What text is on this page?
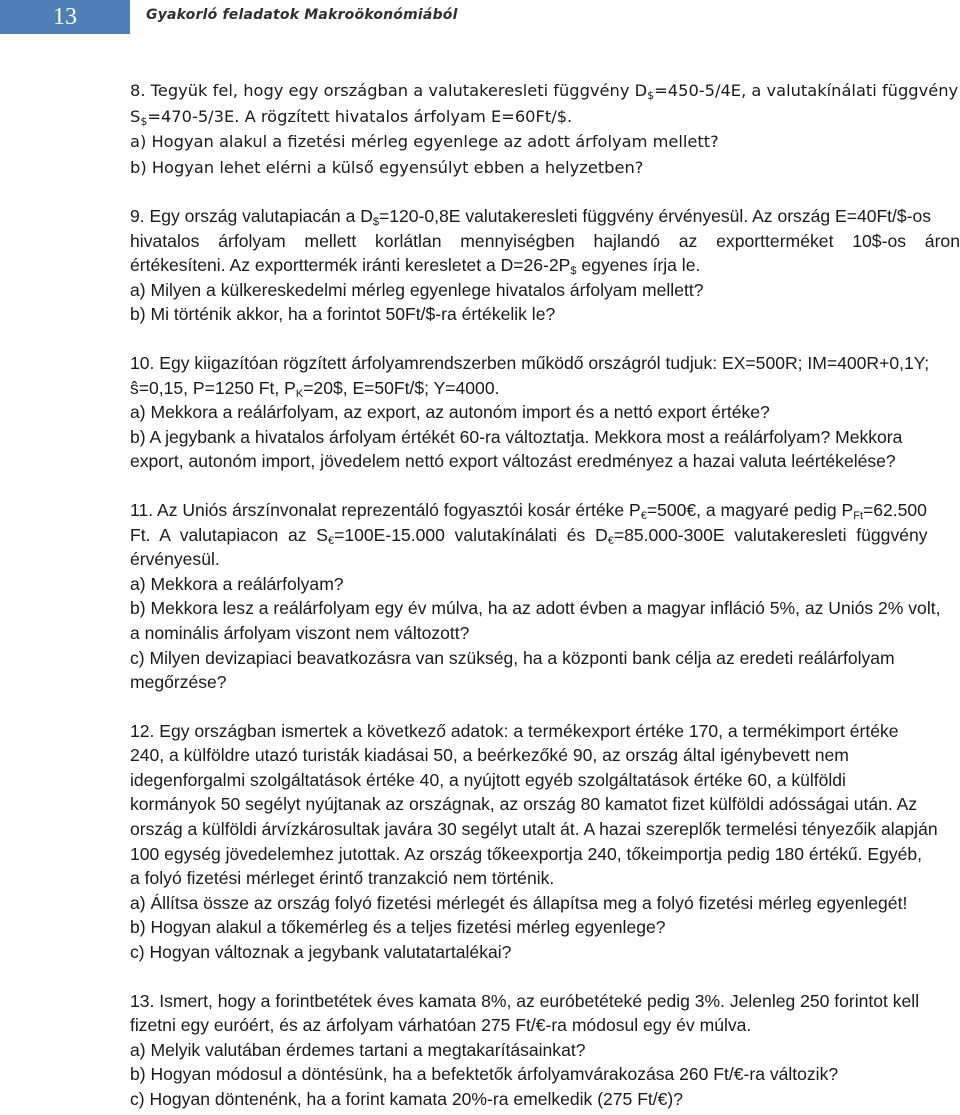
13	Gyakorló feladatok Makroökonómiából
8. Tegyük fel, hogy egy országban a valutakeresleti függvény $D_{\$}=450-5/4E$, a valutakínálati függvény
$S_{\$}=470-5/3E$. A rögzített hivatalos árfolyam E=60Ft/$.
a) Hogyan alakul a fizetési mérleg egyenlege az adott árfolyam mellett?
b) Hogyan lehet elérni a külső egyensúlyt ebben a helyzetben?
9. Egy ország valutapiacán a $D_{\$}=120-0,8E$ valutakeresleti függvény érvényesül. Az ország E=40Ft/$-os
hivatalos árfolyam mellett korlátlan mennyiségben hajlandó az exportterméket 10$-os áron
értékesíteni. Az exporttermék iránti keresletet a $D=26-2P_{\$}$ egyenes írja le.
a) Milyen a külkereskedelmi mérleg egyenlege hivatalos árfolyam mellett?
b) Mi történik akkor, ha a forintot 50Ft/$-ra értékelik le?
10. Egy kiigazítóan rögzített árfolyamrendszerben működő országról tudjuk: EX=500R; IM=400R+0,1Y;
ŝ=0,15, P=1250 Ft, $P_K=20\$$, E=50Ft/$; Y=4000.
a) Mekkora a reálárfolyam, az export, az autonóm import és a nettó export értéke?
b) A jegybank a hivatalos árfolyam értékét 60-ra változtatja. Mekkora most a reálárfolyam? Mekkora
export, autonóm import, jövedelem nettó export változást eredményez a hazai valuta leértékelése?
11. Az Uniós árszínvonalat reprezentáló fogyasztói kosár értéke $P_€=500€$, a magyaré pedig $P_{Ft}=62.500$
Ft.  A  valutapiacon  az  $S_€=100E-15.000$  valutakínálati  és  $D_€=85.000-300E$  valutakeresleti  függvény
érvényesül.
a) Mekkora a reálárfolyam?
b) Mekkora lesz a reálárfolyam egy év múlva, ha az adott évben a magyar infláció 5%, az Uniós 2% volt,
a nominális árfolyam viszont nem változott?
c) Milyen devizapiaci beavatkozásra van szükség, ha a központi bank célja az eredeti reálárfolyam
megőrzése?
12. Egy országban ismertek a következő adatok: a termékexport értéke 170, a termékimport értéke
240, a külföldre utazó turisták kiadásai 50, a beérkezőké 90, az ország által igénybevett nem
idegenforgalmi szolgáltatások értéke 40, a nyújtott egyéb szolgáltatások értéke 60, a külföldi
kormányok 50 segélyt nyújtanak az országnak, az ország 80 kamatot fizet külföldi adósságai után. Az
ország a külföldi árvízkárosultak javára 30 segélyt utalt át. A hazai szereplők termelési tényezőik alapján
100 egység jövedelemhez jutottak. Az ország tőkeexportja 240, tőkeimportja pedig 180 értékű. Egyéb,
a folyó fizetési mérleget érintő tranzakció nem történik.
a) Állítsa össze az ország folyó fizetési mérlegét és állapítsa meg a folyó fizetési mérleg egyenlegét!
b) Hogyan alakul a tőkemérleg és a teljes fizetési mérleg egyenlege?
c) Hogyan változnak a jegybank valutatartalékai?
13. Ismert, hogy a forintbetétek éves kamata 8%, az euróbetéteké pedig 3%. Jelenleg 250 forintot kell
fizetni egy euróért, és az árfolyam várhatóan 275 Ft/€-ra módosul egy év múlva.
a) Melyik valutában érdemes tartani a megtakarításainkat?
b) Hogyan módosul a döntésünk, ha a befektetők árfolyamvárakozása 260 Ft/€-ra változik?
c) Hogyan döntenénk, ha a forint kamata 20%-ra emelkedik (275 Ft/€)?
